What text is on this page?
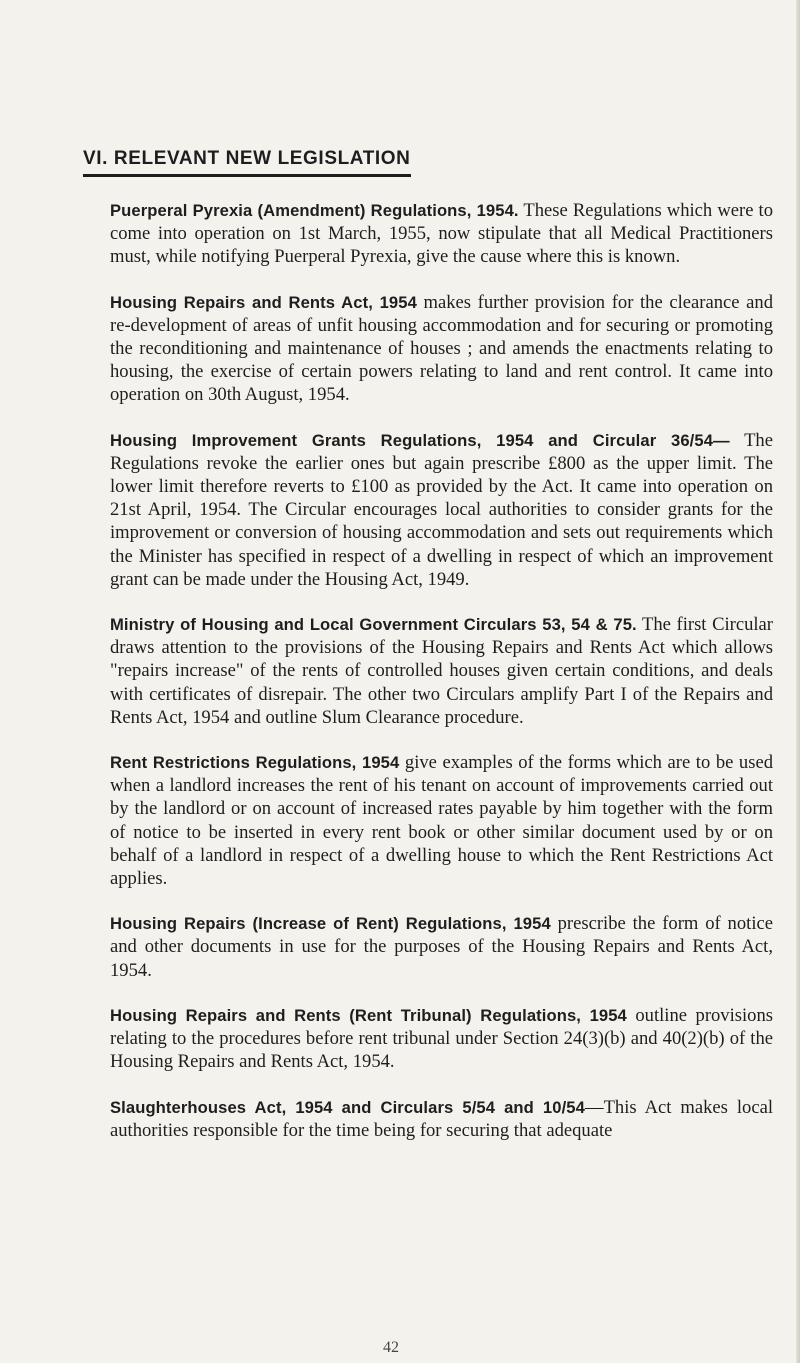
VI. RELEVANT NEW LEGISLATION

Puerperal Pyrexia (Amendment) Regulations, 1954. These Regulations which were to come into operation on 1st March, 1955, now stipulate that all Medical Practitioners must, while notifying Puerperal Pyrexia, give the cause where this is known.

Housing Repairs and Rents Act, 1954 makes further provision for the clearance and re-development of areas of unfit housing accommodation and for securing or promoting the reconditioning and maintenance of houses ; and amends the enactments relating to housing, the exercise of certain powers relating to land and rent control. It came into operation on 30th August, 1954.

Housing Improvement Grants Regulations, 1954 and Circular 36/54— The Regulations revoke the earlier ones but again prescribe £800 as the upper limit. The lower limit therefore reverts to £100 as provided by the Act. It came into operation on 21st April, 1954. The Circular encourages local authorities to consider grants for the improvement or conversion of housing accommodation and sets out requirements which the Minister has specified in respect of a dwelling in respect of which an improvement grant can be made under the Housing Act, 1949.

Ministry of Housing and Local Government Circulars 53, 54 & 75. The first Circular draws attention to the provisions of the Housing Repairs and Rents Act which allows "repairs increase" of the rents of controlled houses given certain conditions, and deals with certificates of disrepair. The other two Circulars amplify Part I of the Repairs and Rents Act, 1954 and outline Slum Clearance procedure.

Rent Restrictions Regulations, 1954 give examples of the forms which are to be used when a landlord increases the rent of his tenant on account of improvements carried out by the landlord or on account of increased rates payable by him together with the form of notice to be inserted in every rent book or other similar document used by or on behalf of a landlord in respect of a dwelling house to which the Rent Restrictions Act applies.

Housing Repairs (Increase of Rent) Regulations, 1954 prescribe the form of notice and other documents in use for the purposes of the Housing Repairs and Rents Act, 1954.

Housing Repairs and Rents (Rent Tribunal) Regulations, 1954 outline provisions relating to the procedures before rent tribunal under Section 24(3)(b) and 40(2)(b) of the Housing Repairs and Rents Act, 1954.

Slaughterhouses Act, 1954 and Circulars 5/54 and 10/54—This Act makes local authorities responsible for the time being for securing that adequate

42
